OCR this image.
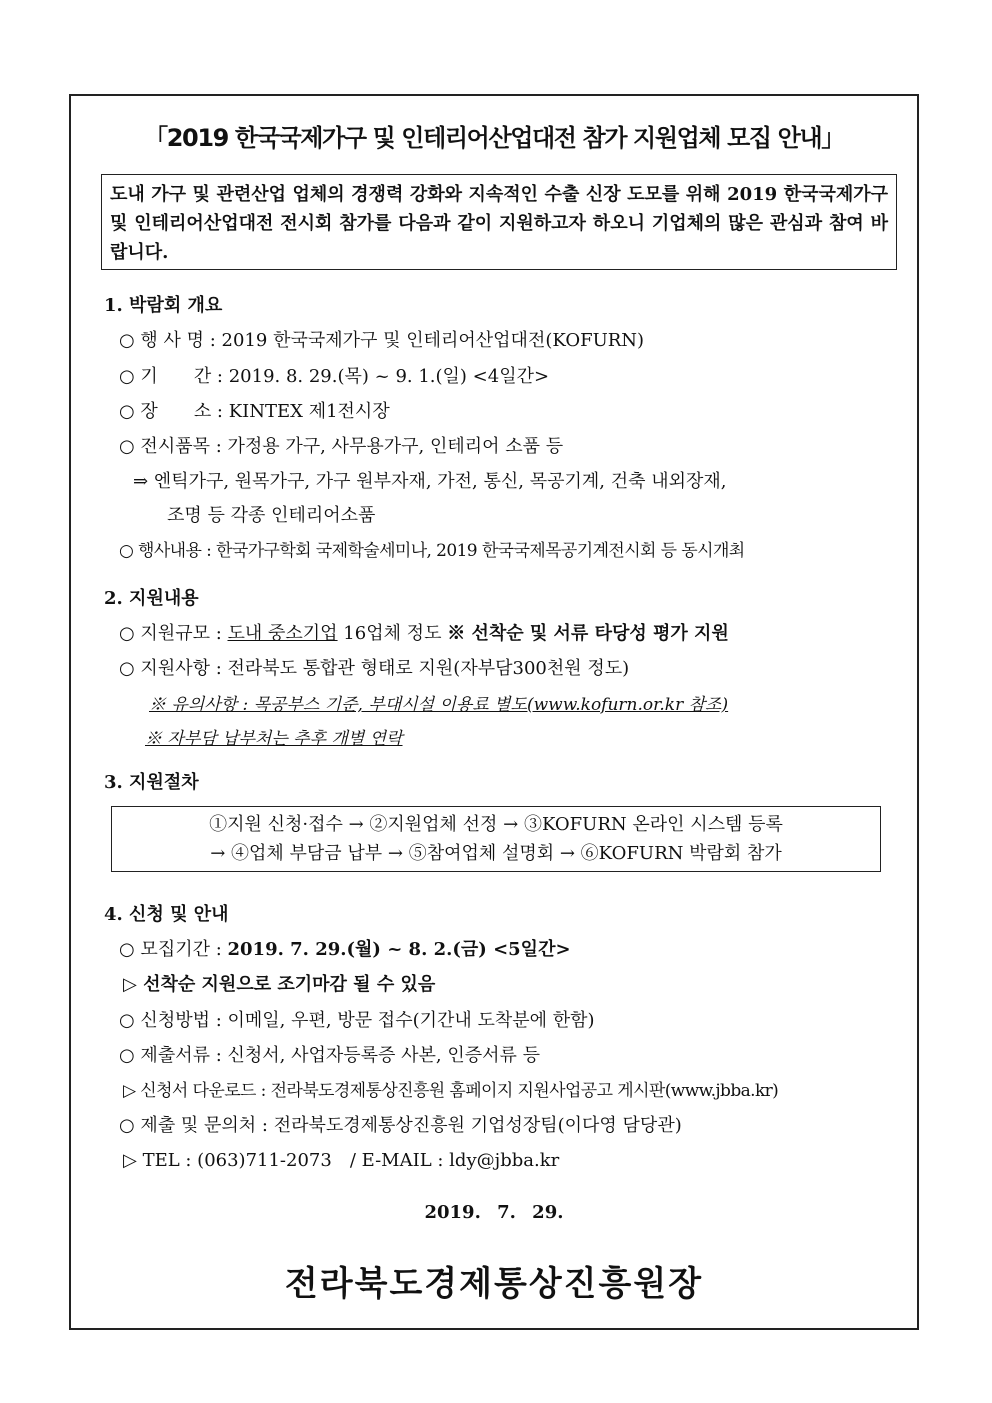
「2019 한국국제가구 및 인테리어산업대전 참가 지원업체 모집 안내」
도내 가구 및 관련산업 업체의 경쟁력 강화와 지속적인 수출 신장 도모를 위해 2019 한국국제가구 및 인테리어산업대전 전시회 참가를 다음과 같이 지원하고자 하오니 기업체의 많은 관심과 참여 바랍니다.
1. 박람회 개요
○ 행 사 명 : 2019 한국국제가구 및 인테리어산업대전(KOFURN)
○ 기　　간 : 2019. 8. 29.(목) ~ 9. 1.(일) <4일간>
○ 장　　소 : KINTEX 제1전시장
○ 전시품목 : 가정용 가구, 사무용가구, 인테리어 소품 등
⇒ 엔틱가구, 원목가구, 가구 원부자재, 가전, 통신, 목공기계, 건축 내외장재,
조명 등 각종 인테리어소품
○ 행사내용 : 한국가구학회 국제학술세미나, 2019 한국국제목공기계전시회 등 동시개최
2. 지원내용
○ 지원규모 : 도내 중소기업 16업체 정도 ※ 선착순 및 서류 타당성 평가 지원
○ 지원사항 : 전라북도 통합관 형태로 지원(자부담300천원 정도)
※ 유의사항 : 목공부스 기준, 부대시설 이용료 별도(www.kofurn.or.kr 참조)
※ 자부담 납부처는 추후 개별 연락
3. 지원절차
①지원 신청·접수 → ②지원업체 선정 → ③KOFURN 온라인 시스템 등록
→ ④업체 부담금 납부 → ⑤참여업체 설명회 → ⑥KOFURN 박람회 참가
4. 신청 및 안내
○ 모집기간 : 2019. 7. 29.(월) ~ 8. 2.(금) <5일간>
▷ 선착순 지원으로 조기마감 될 수 있음
○ 신청방법 : 이메일, 우편, 방문 접수(기간내 도착분에 한함)
○ 제출서류 : 신청서, 사업자등록증 사본, 인증서류 등
▷ 신청서 다운로드 : 전라북도경제통상진흥원 홈페이지 지원사업공고 게시판(www.jbba.kr)
○ 제출 및 문의처 : 전라북도경제통상진흥원 기업성장팀(이다영 담당관)
▷ TEL : (063)711-2073　/ E-MAIL : ldy@jbba.kr
2019. 7. 29.
전라북도경제통상진흥원장
